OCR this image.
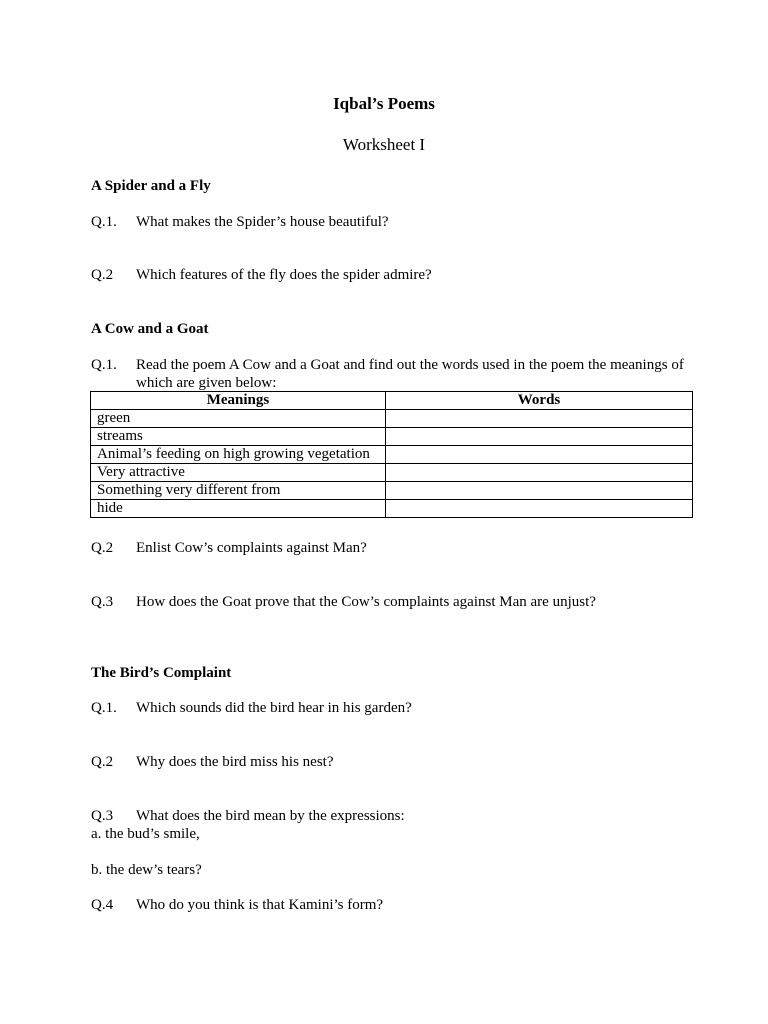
Iqbal’s Poems
Worksheet I
A Spider and a Fly
Q.1. What makes the Spider’s house beautiful?
Q.2 Which features of the fly does the spider admire?
A Cow and a Goat
Q.1. Read the poem A Cow and a Goat and find out the words used in the poem the meanings of which are given below:
Meanings	Words
green	
streams	
Animal’s feeding on high growing vegetation	
Very attractive	
Something very different from	
hide	
Q.2 Enlist Cow’s complaints against Man?
Q.3 How does the Goat prove that the Cow’s complaints against Man are unjust?
The Bird’s Complaint
Q.1. Which sounds did the bird hear in his garden?
Q.2 Why does the bird miss his nest?
Q.3 What does the bird mean by the expressions:
a. the bud’s smile,
b. the dew’s tears?
Q.4 Who do you think is that Kamini’s form?
